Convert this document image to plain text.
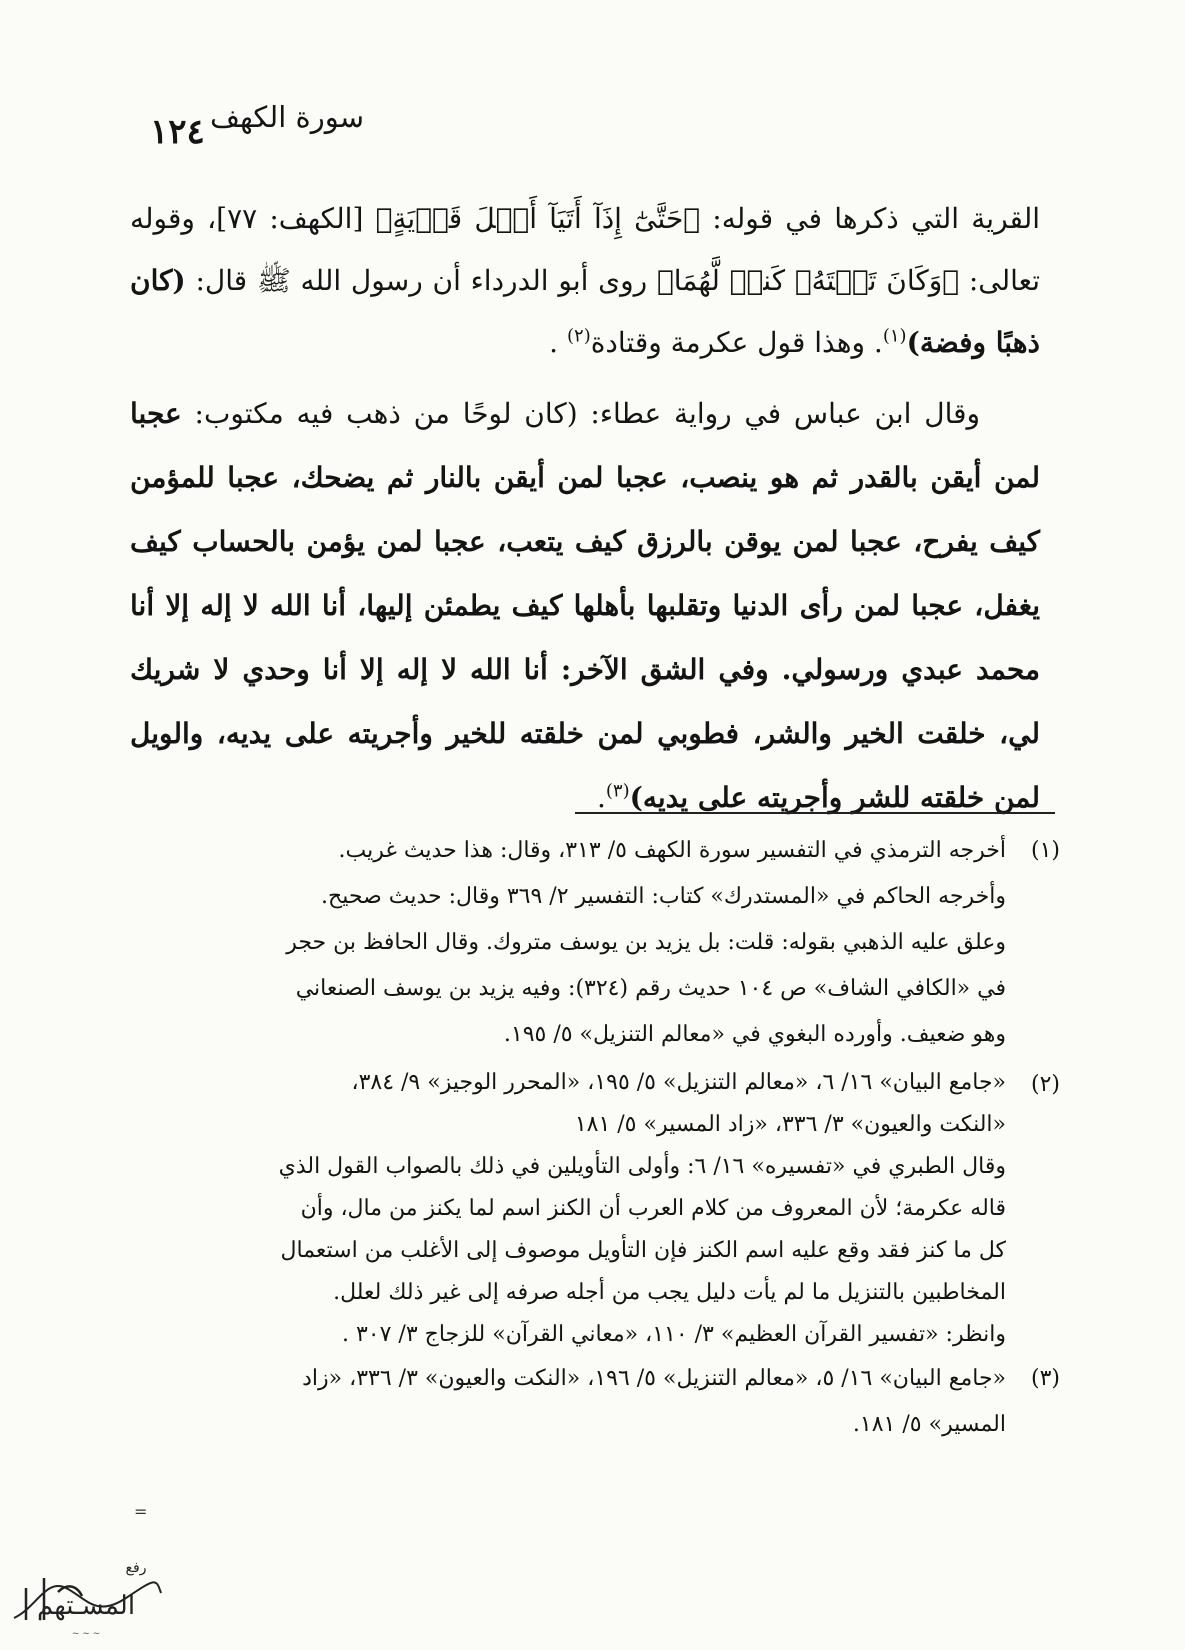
١٢٤ سورة الكهف

القرية التي ذكرها في قوله: ﴿حَتَّىٰٓ إِذَآ أَتَيَآ أَهۡلَ قَرۡيَةٍ﴾ [الكهف: ٧٧]، وقوله تعالى: ﴿وَكَانَ تَحۡتَهُۥ كَنزٞ لَّهُمَا﴾ روى أبو الدرداء أن رسول الله ﷺ قال: (كان ذهبًا وفضة)$^{(١)}$. وهذا قول عكرمة وقتادة$^{(٢)}$ .

وقال ابن عباس في رواية عطاء: (كان لوحًا من ذهب فيه مكتوب: عجبا لمن أيقن بالقدر ثم هو ينصب، عجبا لمن أيقن بالنار ثم يضحك، عجبا للمؤمن كيف يفرح، عجبا لمن يوقن بالرزق كيف يتعب، عجبا لمن يؤمن بالحساب كيف يغفل، عجبا لمن رأى الدنيا وتقلبها بأهلها كيف يطمئن إليها، أنا الله لا إله إلا أنا محمد عبدي ورسولي. وفي الشق الآخر: أنا الله لا إله إلا أنا وحدي لا شريك لي، خلقت الخير والشر، فطوبي لمن خلقته للخير وأجريته على يديه، والويل لمن خلقته للشر وأجريته على يديه)$^{(٣)}$.

(١)

أخرجه الترمذي في التفسير سورة الكهف ٥/ ٣١٣، وقال: هذا حديث غريب.

وأخرجه الحاكم في «المستدرك» كتاب: التفسير ٢/ ٣٦٩ وقال: حديث صحيح.

وعلق عليه الذهبي بقوله: قلت: بل يزيد بن يوسف متروك. وقال الحافظ بن حجر

في «الكافي الشاف» ص ١٠٤ حديث رقم (٣٢٤): وفيه يزيد بن يوسف الصنعاني

وهو ضعيف. وأورده البغوي في «معالم التنزيل» ٥/ ١٩٥.

(٢)

«جامع البيان» ١٦/ ٦، «معالم التنزيل» ٥/ ١٩٥، «المحرر الوجيز» ٩/ ٣٨٤،

«النكت والعيون» ٣/ ٣٣٦، «زاد المسير» ٥/ ١٨١

وقال الطبري في «تفسيره» ١٦/ ٦: وأولى التأويلين في ذلك بالصواب القول الذي

قاله عكرمة؛ لأن المعروف من كلام العرب أن الكنز اسم لما يكنز من مال، وأن

كل ما كنز فقد وقع عليه اسم الكنز فإن التأويل موصوف إلى الأغلب من استعمال

المخاطبين بالتنزيل ما لم يأت دليل يجب من أجله صرفه إلى غير ذلك لعلل.

وانظر: «تفسير القرآن العظيم» ٣/ ١١٠، «معاني القرآن» للزجاج ٣/ ٣٠٧ .

(٣)

«جامع البيان» ١٦/ ٥، «معالم التنزيل» ٥/ ١٩٦، «النكت والعيون» ٣/ ٣٣٦، «زاد

المسير» ٥/ ١٨١.

=
المسـتهم
رفع
~ ~ ~
